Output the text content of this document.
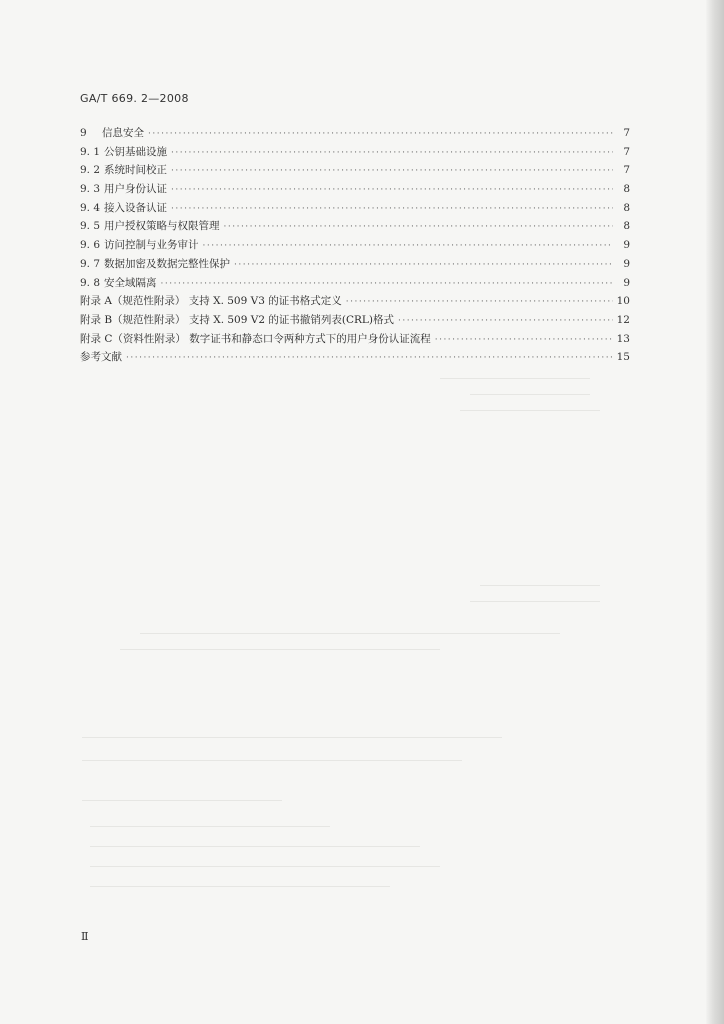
GA/T 669. 2—2008
9	信息安全 ·····	7
9. 1 公钥基础设施 ·····	7
9. 2 系统时间校正 ·····	7
9. 3 用户身份认证 ·····	8
9. 4 接入设备认证 ·····	8
9. 5 用户授权策略与权限管理 ·····	8
9. 6 访问控制与业务审计 ·····	9
9. 7 数据加密及数据完整性保护 ·····	9
9. 8 安全域隔离 ·····	9
附录 A（规范性附录） 支持 X. 509 V3 的证书格式定义 ·····	10
附录 B（规范性附录） 支持 X. 509 V2 的证书撤销列表(CRL)格式 ·····	12
附录 C（资料性附录） 数字证书和静态口令两种方式下的用户身份认证流程 ·····	13
参考文献 ·····	15
Ⅱ
